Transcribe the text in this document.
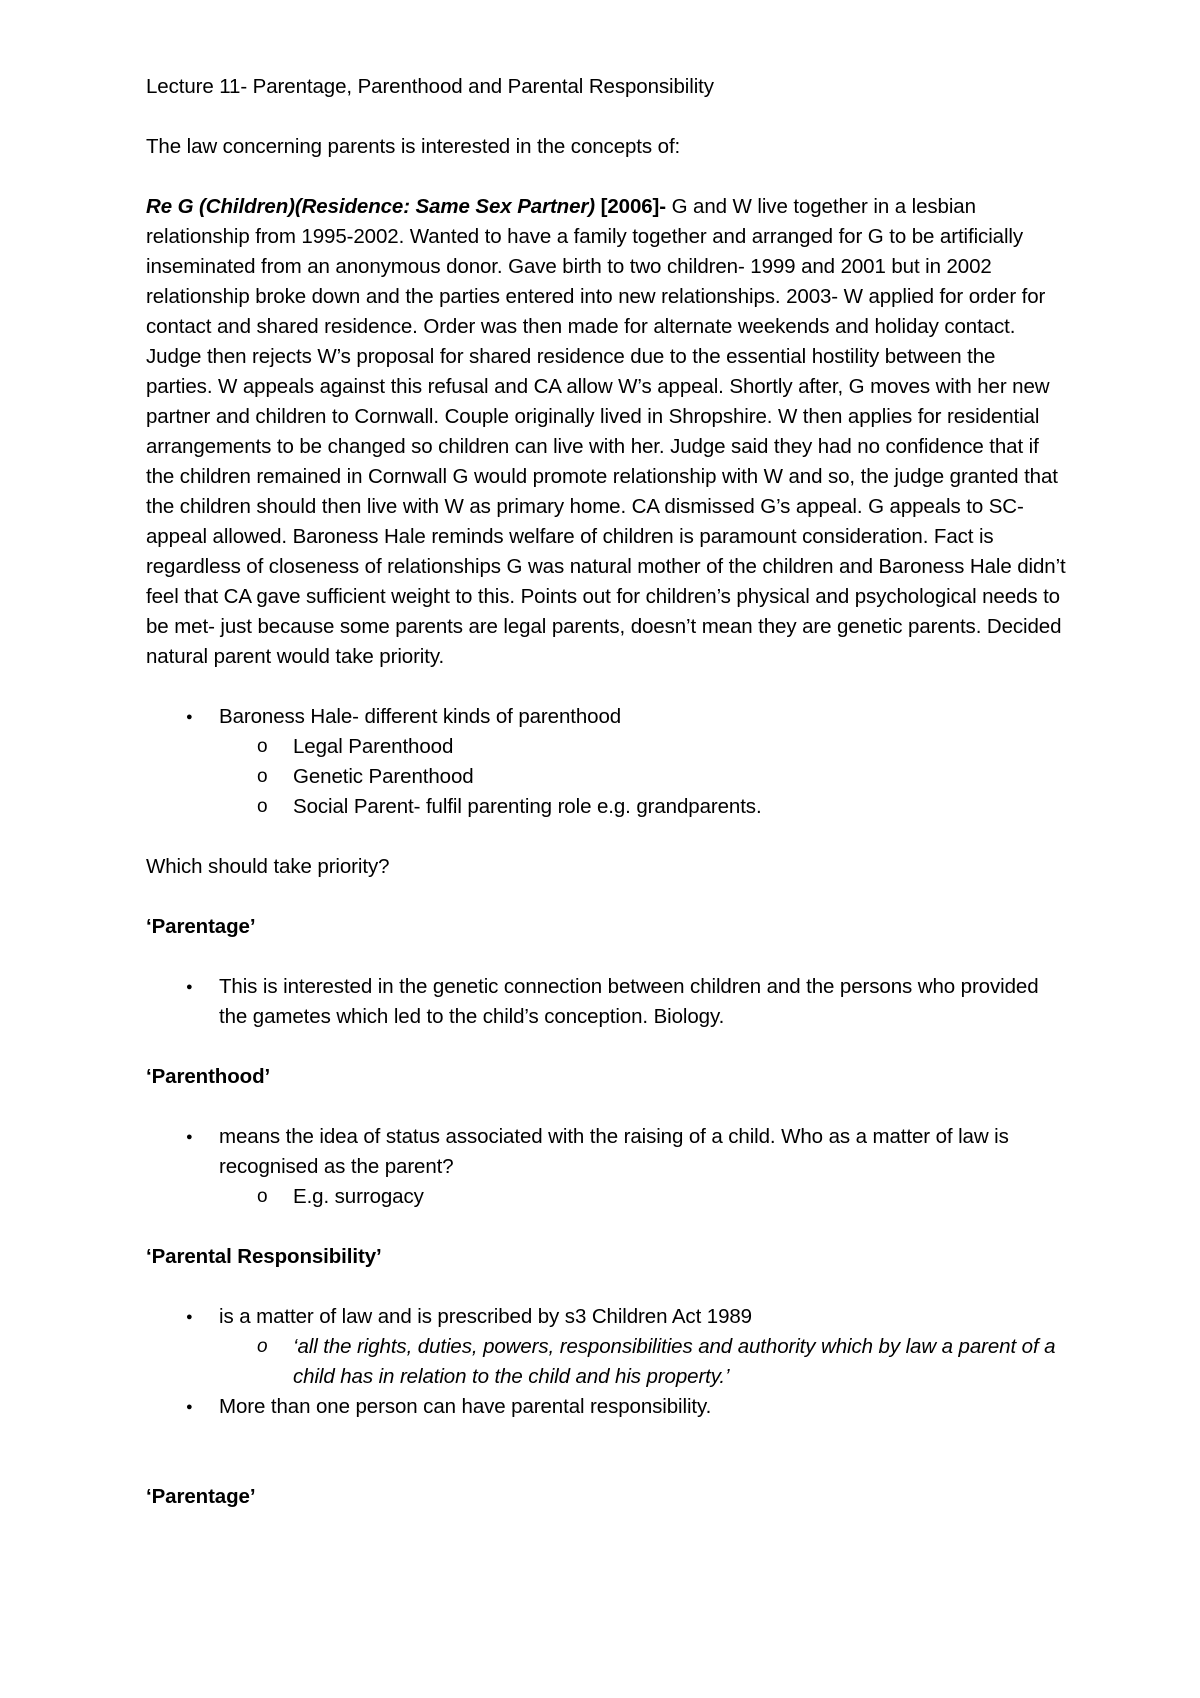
Lecture 11- Parentage, Parenthood and Parental Responsibility

The law concerning parents is interested in the concepts of:

Re G (Children)(Residence: Same Sex Partner) [2006]- G and W live together in a lesbian relationship from 1995-2002. Wanted to have a family together and arranged for G to be artificially inseminated from an anonymous donor. Gave birth to two children- 1999 and 2001 but in 2002 relationship broke down and the parties entered into new relationships. 2003- W applied for order for contact and shared residence. Order was then made for alternate weekends and holiday contact. Judge then rejects W’s proposal for shared residence due to the essential hostility between the parties. W appeals against this refusal and CA allow W’s appeal. Shortly after, G moves with her new partner and children to Cornwall. Couple originally lived in Shropshire. W then applies for residential arrangements to be changed so children can live with her. Judge said they had no confidence that if the children remained in Cornwall G would promote relationship with W and so, the judge granted that the children should then live with W as primary home. CA dismissed G’s appeal. G appeals to SC- appeal allowed. Baroness Hale reminds welfare of children is paramount consideration. Fact is regardless of closeness of relationships G was natural mother of the children and Baroness Hale didn’t feel that CA gave sufficient weight to this. Points out for children’s physical and psychological needs to be met- just because some parents are legal parents, doesn’t mean they are genetic parents. Decided natural parent would take priority.

● Baroness Hale- different kinds of parenthood
o Legal Parenthood
o Genetic Parenthood
o Social Parent- fulfil parenting role e.g. grandparents.

Which should take priority?

‘Parentage’

● This is interested in the genetic connection between children and the persons who provided the gametes which led to the child’s conception. Biology.

‘Parenthood’

● means the idea of status associated with the raising of a child. Who as a matter of law is recognised as the parent?
o E.g. surrogacy

‘Parental Responsibility’

● is a matter of law and is prescribed by s3 Children Act 1989
o ‘all the rights, duties, powers, responsibilities and authority which by law a parent of a child has in relation to the child and his property.’
● More than one person can have parental responsibility.

‘Parentage’
